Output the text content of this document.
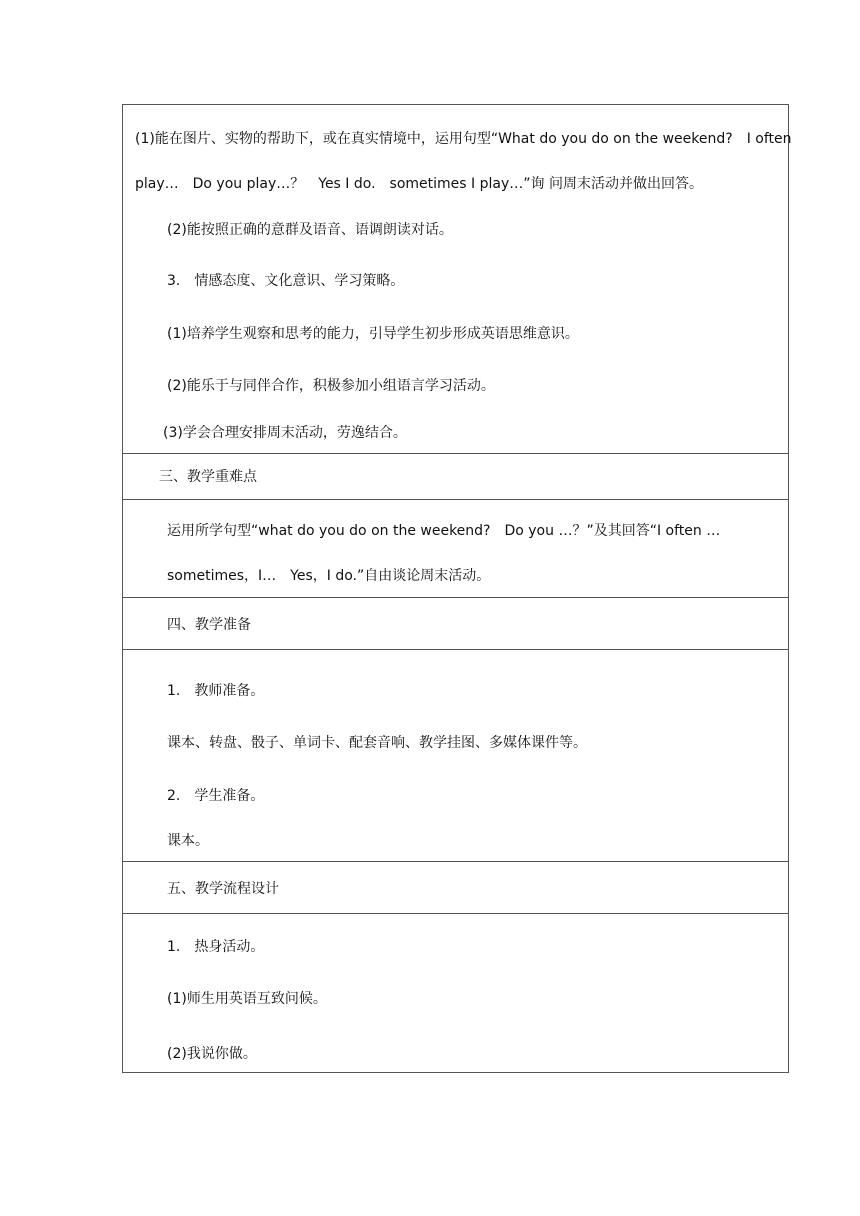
(1)能在图片、实物的帮助下，或在真实情境中，运用句型“What do you do on the weekend?　I often
play…　Do you play…？　Yes I do.　sometimes I play…”询 问周末活动并做出回答。
(2)能按照正确的意群及语音、语调朗读对话。
3.　情感态度、文化意识、学习策略。
(1)培养学生观察和思考的能力，引导学生初步形成英语思维意识。
(2)能乐于与同伴合作，积极参加小组语言学习活动。
(3)学会合理安排周末活动，劳逸结合。
三、教学重难点
运用所学句型“what do you do on the weekend?　Do you …？”及其回答“I often …
sometimes，I…　Yes，I do.”自由谈论周末活动。
四、教学准备
1.　教师准备。
课本、转盘、骰子、单词卡、配套音响、教学挂图、多媒体课件等。
2.　学生准备。
课本。
五、教学流程设计
1.　热身活动。
(1)师生用英语互致问候。
(2)我说你做。
